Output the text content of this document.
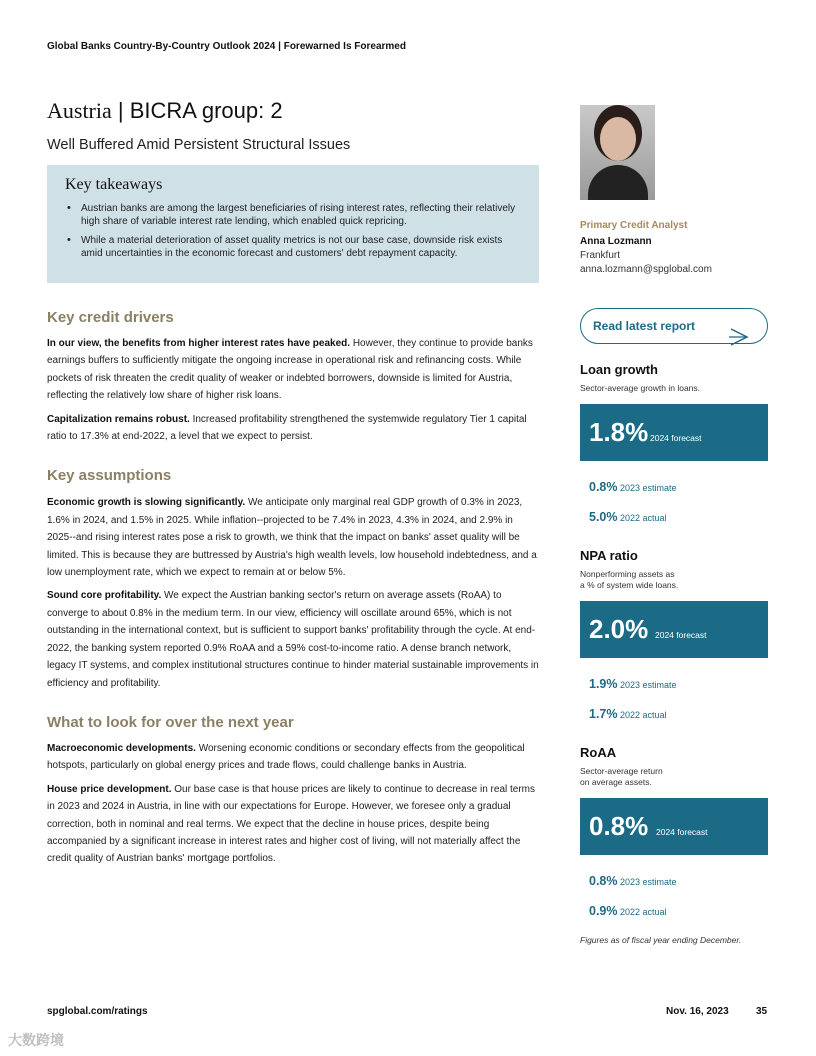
Global Banks Country-By-Country Outlook 2024 | Forewarned Is Forearmed
Austria | BICRA group: 2
Well Buffered Amid Persistent Structural Issues
Key takeaways
• Austrian banks are among the largest beneficiaries of rising interest rates, reflecting their relatively high share of variable interest rate lending, which enabled quick repricing.
• While a material deterioration of asset quality metrics is not our base case, downside risk exists amid uncertainties in the economic forecast and customers' debt repayment capacity.
Key credit drivers

In our view, the benefits from higher interest rates have peaked. However, they continue to provide banks earnings buffers to sufficiently mitigate the ongoing increase in operational risk and refinancing costs. While pockets of risk threaten the credit quality of weaker or indebted borrowers, downside is limited for Austria, reflecting the relatively low share of higher risk loans.

Capitalization remains robust. Increased profitability strengthened the systemwide regulatory Tier 1 capital ratio to 17.3% at end-2022, a level that we expect to persist.

Key assumptions

Economic growth is slowing significantly. We anticipate only marginal real GDP growth of 0.3% in 2023, 1.6% in 2024, and 1.5% in 2025. While inflation--projected to be 7.4% in 2023, 4.3% in 2024, and 2.9% in 2025--and rising interest rates pose a risk to growth, we think that the impact on banks' asset quality will be limited. This is because they are buttressed by Austria's high wealth levels, low household indebtedness, and a low unemployment rate, which we expect to remain at or below 5%.

Sound core profitability. We expect the Austrian banking sector's return on average assets (RoAA) to converge to about 0.8% in the medium term. In our view, efficiency will oscillate around 65%, which is not outstanding in the international context, but is sufficient to support banks' profitability through the cycle. At end-2022, the banking system reported 0.9% RoAA and a 59% cost-to-income ratio. A dense branch network, legacy IT systems, and complex institutional structures continue to hinder material sustainable improvements in efficiency and profitability.

What to look for over the next year

Macroeconomic developments. Worsening economic conditions or secondary effects from the geopolitical hotspots, particularly on global energy prices and trade flows, could challenge banks in Austria.

House price development. Our base case is that house prices are likely to continue to decrease in real terms in 2023 and 2024 in Austria, in line with our expectations for Europe. However, we foresee only a gradual correction, both in nominal and real terms. We expect that the decline in house prices, despite being accompanied by a significant increase in interest rates and higher cost of living, will not materially affect the credit quality of Austrian banks' mortgage portfolios.

Primary Credit Analyst
Anna Lozmann
Frankfurt
anna.lozmann@spglobal.com
Read latest report
Loan growth
Sector-average growth in loans.
1.8% 2024 forecast
0.8% 2023 estimate
5.0% 2022 actual
NPA ratio
Nonperforming assets as
a % of system wide loans.
2.0% 2024 forecast
1.9% 2023 estimate
1.7% 2022 actual
RoAA
Sector-average return
on average assets.
0.8% 2024 forecast
0.8% 2023 estimate
0.9% 2022 actual
Figures as of fiscal year ending December.
spglobal.com/ratings	Nov. 16, 2023	35
大数跨境
